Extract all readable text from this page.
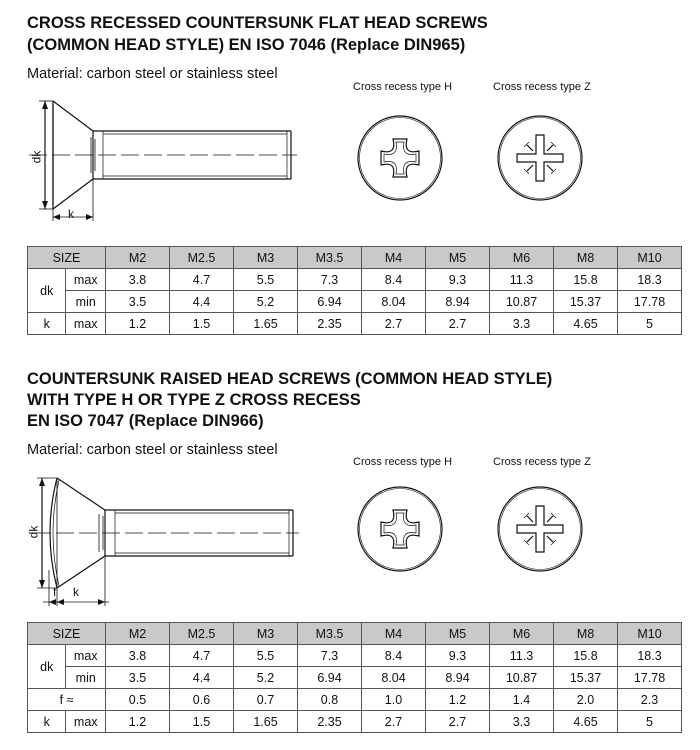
CROSS RECESSED COUNTERSUNK FLAT HEAD SCREWS
(COMMON HEAD STYLE) EN ISO 7046 (Replace DIN965)
Material: carbon steel or stainless steel
dk
k
Cross recess type H	Cross recess type Z
SIZE		M2	M2.5	M3	M3.5	M4	M5	M6	M8	M10
dk	max	3.8	4.7	5.5	7.3	8.4	9.3	11.3	15.8	18.3
	min	3.5	4.4	5.2	6.94	8.04	8.94	10.87	15.37	17.78
k	max	1.2	1.5	1.65	2.35	2.7	2.7	3.3	4.65	5
COUNTERSUNK RAISED HEAD SCREWS (COMMON HEAD STYLE)
WITH TYPE H OR TYPE Z CROSS RECESS
EN ISO 7047 (Replace DIN966)
Material: carbon steel or stainless steel
dk
f k
Cross recess type H	Cross recess type Z
SIZE		M2	M2.5	M3	M3.5	M4	M5	M6	M8	M10
dk	max	3.8	4.7	5.5	7.3	8.4	9.3	11.3	15.8	18.3
	min	3.5	4.4	5.2	6.94	8.04	8.94	10.87	15.37	17.78
f ≈		0.5	0.6	0.7	0.8	1.0	1.2	1.4	2.0	2.3
k	max	1.2	1.5	1.65	2.35	2.7	2.7	3.3	4.65	5
